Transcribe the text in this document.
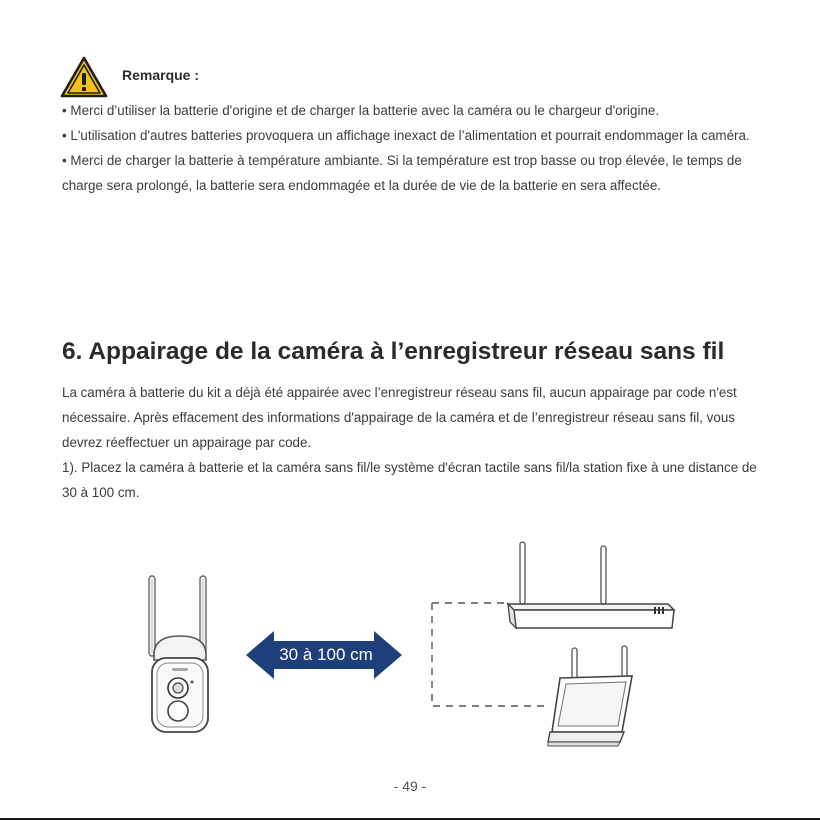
Remarque :

• Merci d’utiliser la batterie d'origine et de charger la batterie avec la caméra ou le chargeur d'origine.

• L'utilisation d'autres batteries provoquera un affichage inexact de l’alimentation et pourrait endommager la caméra.

• Merci de charger la batterie à température ambiante. Si la température est trop basse ou trop élevée, le temps de charge sera prolongé, la batterie sera endommagée et la durée de vie de la batterie en sera affectée.

6. Appairage de la caméra à l’enregistreur réseau sans fil

La caméra à batterie du kit a déjà été appairée avec l’enregistreur réseau sans fil, aucun appairage par code n'est nécessaire. Après effacement des informations d'appairage de la caméra et de l’enregistreur réseau sans fil, vous devrez réeffectuer un appairage par code.

1). Placez la caméra à batterie et la caméra sans fil/le système d'écran tactile sans fil/la station fixe à une distance de 30 à 100 cm.

30 à 100 cm
- 49 -
